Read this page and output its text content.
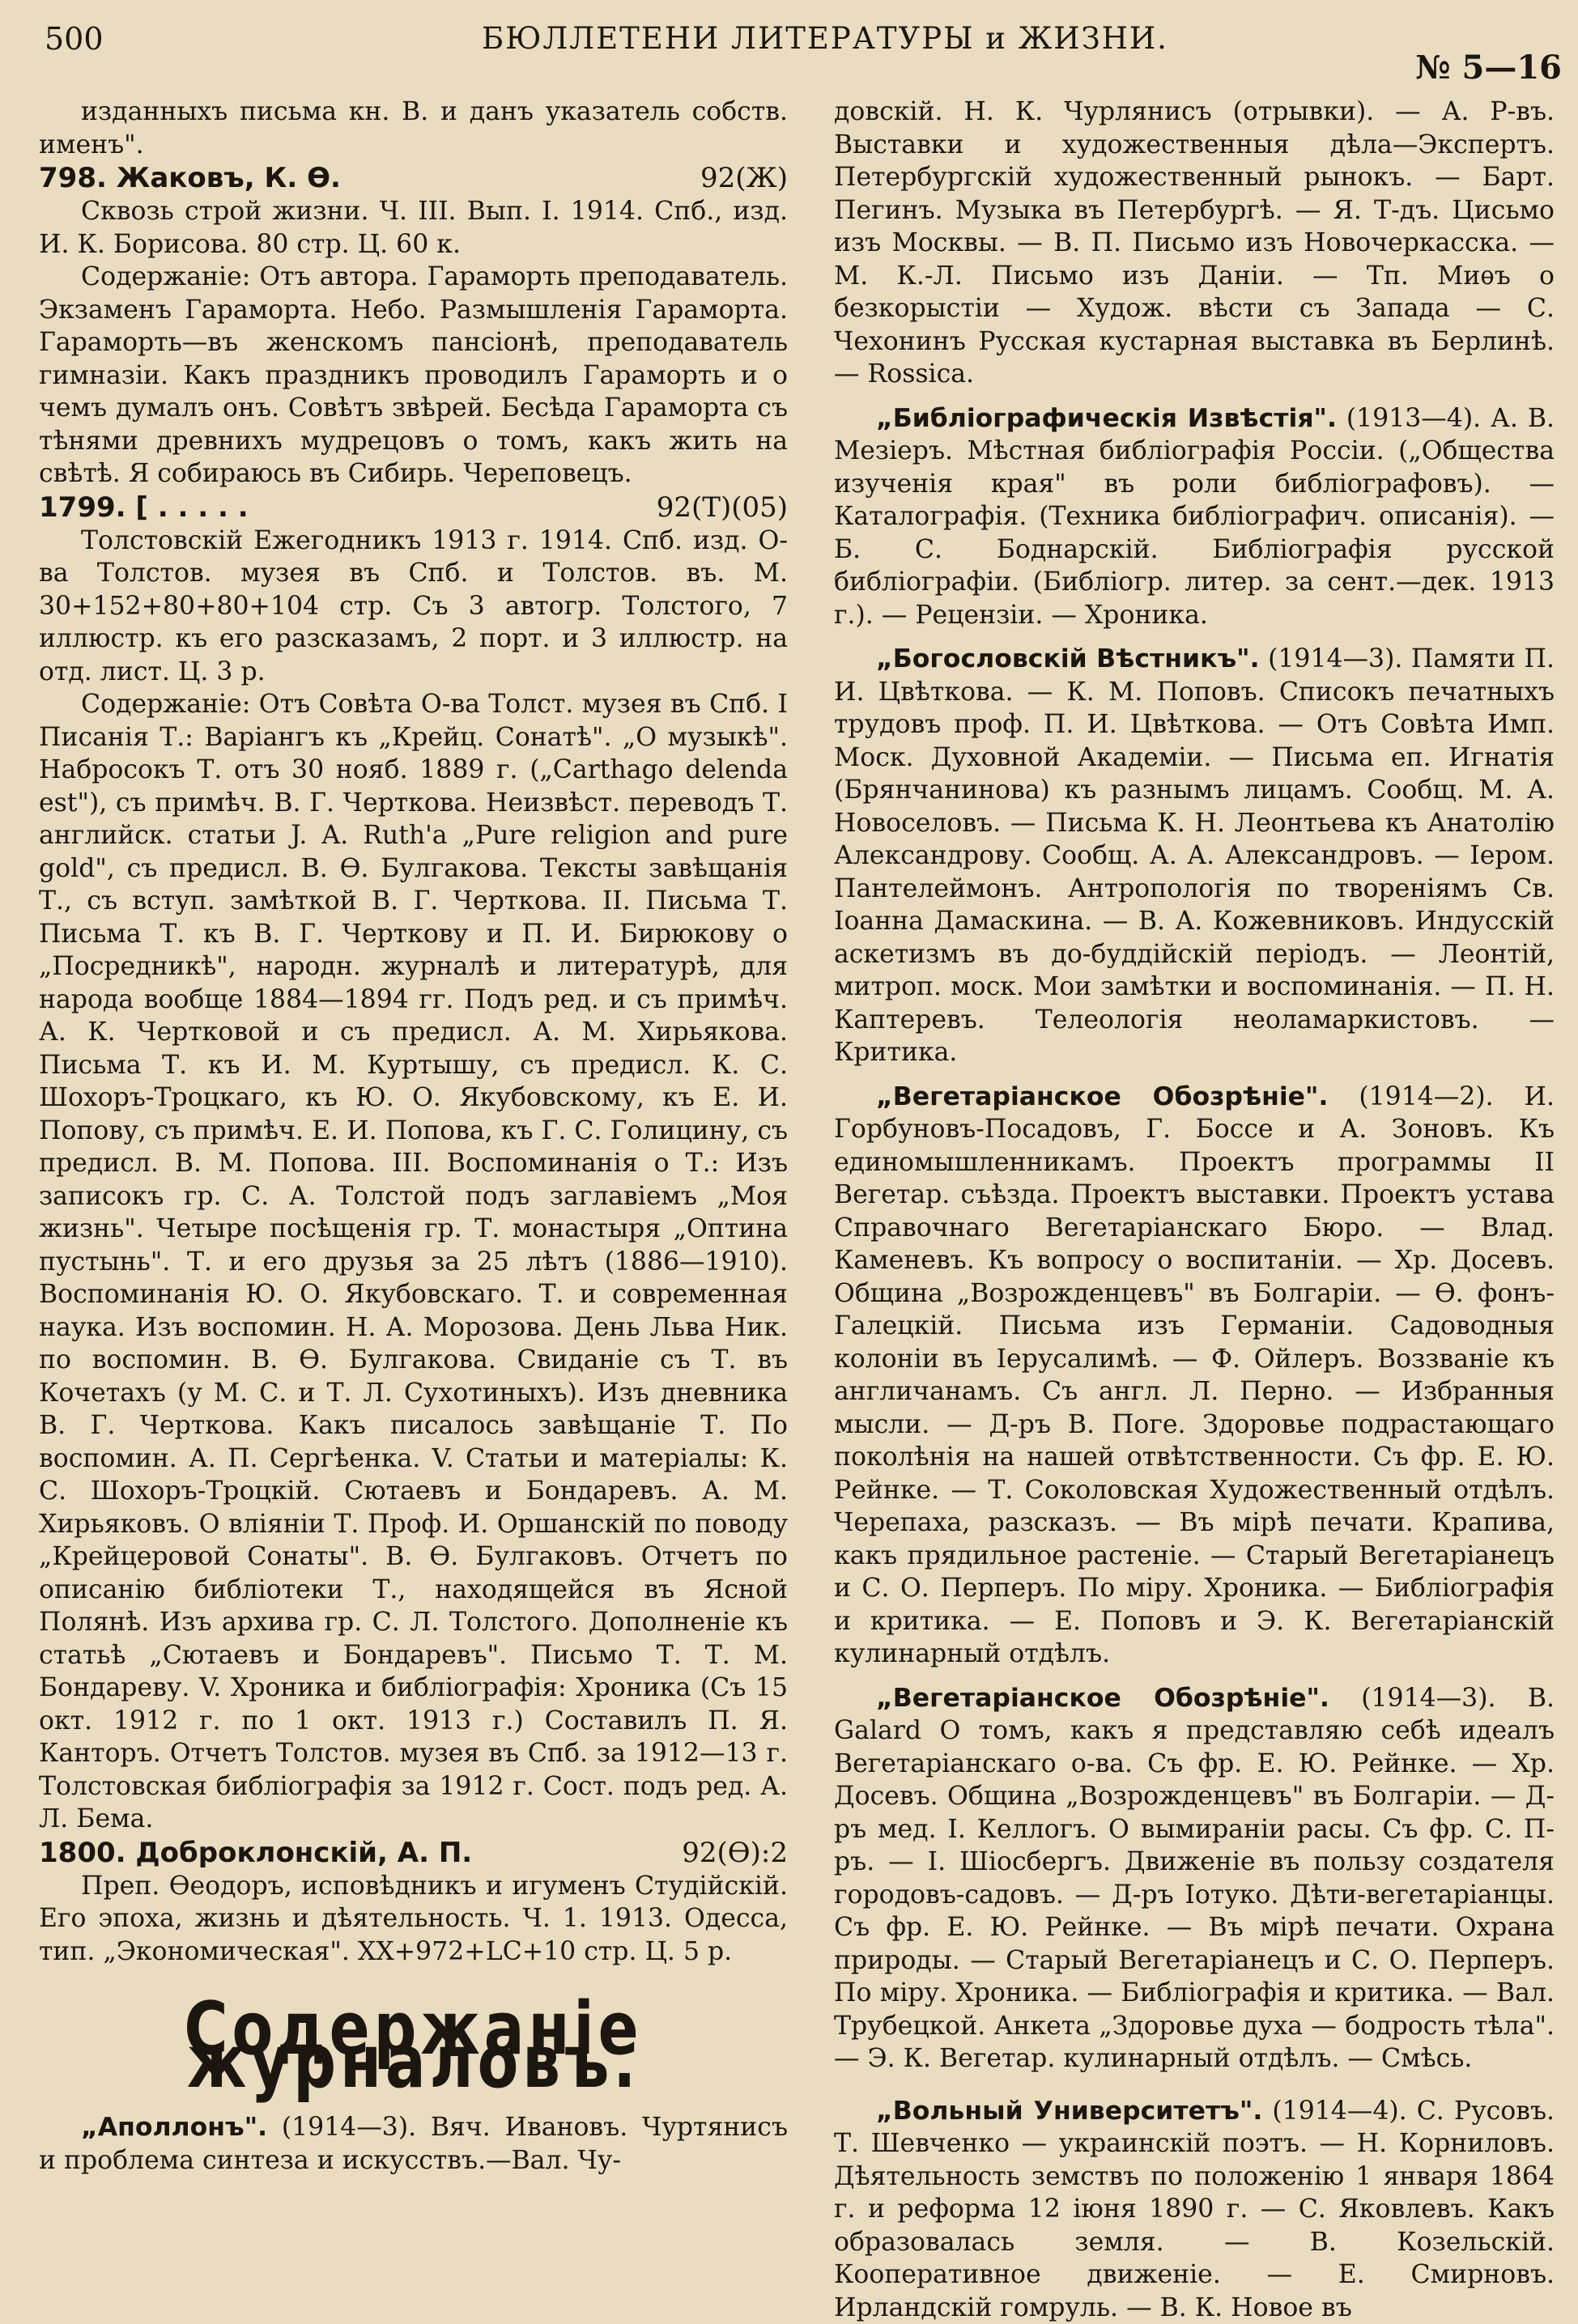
500	БЮЛЛЕТЕНИ ЛИТЕРАТУРЫ и ЖИЗНИ.
№ 5—16

изданныхъ письма кн. В. и данъ указатель собств. именъ".

798. Жаковъ, К. Ѳ.	92(Ж)

Сквозь строй жизни. Ч. III. Вып. I. 1914. Спб., изд. И. К. Борисова. 80 стр. Ц. 60 к.

Содержанiе: Отъ автора. Гараморть преподаватель. Экзаменъ Гараморта. Небо. Размышленiя Гараморта. Гараморть—въ женскомъ пансiонѣ, преподаватель гимназiи. Какъ праздникъ проводилъ Гараморть и о чемъ думалъ онъ. Совѣтъ звѣрей. Бесѣда Гараморта съ тѣнями древнихъ мудрецовъ о томъ, какъ жить на свѣтѣ. Я собираюсь въ Сибирь. Череповецъ.

1799. [ . . . . .	92(Т)(05)

Толстовскiй Ежегодникъ 1913 г. 1914. Спб. изд. О-ва Толстов. музея въ Спб. и Толстов. въ. М. 30+152+80+80+104 стр. Съ 3 автогр. Толстого, 7 иллюстр. къ его разсказамъ, 2 порт. и 3 иллюстр. на отд. лист. Ц. 3 р.

Содержанiе: Отъ Совѣта О-ва Толст. музея въ Спб. I Писанiя Т.: Варiангъ къ „Крейц. Сонатѣ". „О музыкѣ". Набросокъ Т. отъ 30 нояб. 1889 г. („Carthago delenda est"), съ примѣч. В. Г. Черткова. Неизвѣст. переводъ Т. английск. статьи J. A. Ruth'a „Pure religion and pure gold", съ предисл. В. Ѳ. Булгакова. Тексты завѣщанiя Т., съ вступ. замѣткой В. Г. Черткова. II. Письма Т. Письма Т. къ В. Г. Черткову и П. И. Бирюкову о „Посредникѣ", народн. журналѣ и литературѣ, для народа вообще 1884—1894 гг. Подъ ред. и съ примѣч. А. К. Чертковой и съ предисл. А. М. Хирьякова. Письма Т. къ И. М. Куртышу, съ предисл. К. С. Шохоръ-Троцкаго, къ Ю. О. Якубовскому, къ Е. И. Попову, съ примѣч. Е. И. Попова, къ Г. С. Голицину, съ предисл. В. М. Попова. III. Воспоминанiя о Т.: Изъ записокъ гр. С. А. Толстой подъ заглавiемъ „Моя жизнь". Четыре посѣщенiя гр. Т. монастыря „Оптина пустынь". Т. и его друзья за 25 лѣтъ (1886—1910). Воспоминанiя Ю. О. Якубовскаго. Т. и современная наука. Изъ воспомин. Н. А. Морозова. День Льва Ник. по воспомин. В. Ѳ. Булгакова. Свиданiе съ Т. въ Кочетахъ (у М. С. и Т. Л. Сухотиныхъ). Изъ дневника В. Г. Черткова. Какъ писалось завѣщанiе Т. По воспомин. А. П. Сергѣенка. V. Статьи и матерiалы: К. С. Шохоръ-Троцкiй. Сютаевъ и Бондаревъ. А. М. Хирьяковъ. О влiянiи Т. Проф. И. Оршанскiй по поводу „Крейцеровой Сонаты". В. Ѳ. Булгаковъ. Отчетъ по описанiю библiотеки Т., находящейся въ Ясной Полянѣ. Изъ архива гр. С. Л. Толстого. Дополненiе къ статьѣ „Сютаевъ и Бондаревъ". Письмо Т. Т. М. Бондареву. V. Хроника и библiографiя: Хроника (Съ 15 окт. 1912 г. по 1 окт. 1913 г.) Составилъ П. Я. Канторъ. Отчетъ Толстов. музея въ Спб. за 1912—13 г. Толстовская библiографiя за 1912 г. Сост. подъ ред. А. Л. Бема.

1800. Доброклонскiй, А. П.	92(Ѳ):2

Преп. Ѳеодоръ, исповѣдникъ и игуменъ Студiйскiй. Его эпоха, жизнь и дѣятельность. Ч. 1. 1913. Одесса, тип. „Экономическая". XX+972+LC+10 стр. Ц. 5 р.

Содержанiе журналовъ.

„Аполлонъ". (1914—3). Вяч. Ивановъ. Чуртянисъ и проблема синтеза и искусствъ.—Вал. Чу-

довскiй. Н. К. Чурлянисъ (отрывки). — А. Р-въ. Выставки и художественныя дѣла—Экспертъ. Петербургскiй художественный рынокъ. — Барт. Пегинъ. Музыка въ Петербургѣ. — Я. Т-дъ. Цисьмо изъ Москвы. — В. П. Письмо изъ Новочеркасска. — М. К.-Л. Письмо изъ Данiи. — Тп. Миѳъ о безкорыстiи — Худож. вѣсти съ Запада — С. Чехонинъ Русская кустарная выставка въ Берлинѣ. — Rossica.

„Библiографическiя Извѣстiя". (1913—4). А. В. Мезiеръ. Мѣстная библiографiя Россiи. („Общества изученiя края" въ роли библiографовъ). — Каталографiя. (Техника библiографич. описанiя). — Б. С. Боднарскiй. Библiографiя русской библiографiи. (Библiогр. литер. за сент.—дек. 1913 г.). — Рецензiи. — Хроника.

„Богословскiй Вѣстникъ". (1914—3). Памяти П. И. Цвѣткова. — К. М. Поповъ. Списокъ печатныхъ трудовъ проф. П. И. Цвѣткова. — Отъ Совѣта Имп. Моск. Духовной Академiи. — Письма еп. Игнатiя (Брянчанинова) къ разнымъ лицамъ. Сообщ. М. А. Новоселовъ. — Письма К. Н. Леонтьева къ Анатолiю Александрову. Сообщ. А. А. Александровъ. — Iером. Пантелеймонъ. Антропологiя по творенiямъ Св. Iоанна Дамаскина. — В. А. Кожевниковъ. Индусскiй аскетизмъ въ до-буддiйскiй перiодъ. — Леонтiй, митроп. моск. Мои замѣтки и воспоминанiя. — П. Н. Каптеревъ. Телеологiя неоламаркистовъ. — Критика.

„Вегетарiанское Обозрѣнiе". (1914—2). И. Горбуновъ-Посадовъ, Г. Боссе и А. Зоновъ. Къ единомышленникамъ. Проектъ программы II Вегетар. съѣзда. Проектъ выставки. Проектъ устава Справочнаго Вегетарiанскаго Бюро. — Влад. Каменевъ. Къ вопросу о воспитанiи. — Хр. Досевъ. Община „Возрожденцевъ" въ Болгарiи. — Ѳ. фонъ-Галецкiй. Письма изъ Германiи. Садоводныя колонiи въ Iерусалимѣ. — Ф. Ойлеръ. Воззванiе къ англичанамъ. Съ англ. Л. Перно. — Избранныя мысли. — Д-ръ В. Поге. Здоровье подрастающаго поколѣнiя на нашей отвѣтственности. Съ фр. Е. Ю. Рейнке. — Т. Соколовская Художественный отдѣлъ. Черепаха, разсказъ. — Въ мiрѣ печати. Крапива, какъ прядильное растенiе. — Старый Вегетарiанецъ и С. О. Перперъ. По мiру. Хроника. — Библiографiя и критика. — Е. Поповъ и Э. К. Вегетарiанскiй кулинарный отдѣлъ.

„Вегетарiанское Обозрѣнiе". (1914—3). В. Galard О томъ, какъ я представляю себѣ идеалъ Вегетарiанскаго о-ва. Съ фр. Е. Ю. Рейнке. — Хр. Досевъ. Община „Возрожденцевъ" въ Болгарiи. — Д-ръ мед. I. Келлогъ. О вымиранiи расы. Съ фр. С. П-ръ. — I. Шiосбергъ. Движенiе въ пользу создателя городовъ-садовъ. — Д-ръ Iотуко. Дѣти-вегетарiанцы. Съ фр. Е. Ю. Рейнке. — Въ мiрѣ печати. Охрана природы. — Старый Вегетарiанецъ и С. О. Перперъ. По мiру. Хроника. — Библiографiя и критика. — Вал. Трубецкой. Анкета „Здоровье духа — бодрость тѣла". — Э. К. Вегетар. кулинарный отдѣлъ. — Смѣсь.

„Вольный Университетъ". (1914—4). С. Русовъ. Т. Шевченко — украинскiй поэтъ. — Н. Корниловъ. Дѣятельность земствъ по положенiю 1 января 1864 г. и реформа 12 iюня 1890 г. — С. Яковлевъ. Какъ образовалась земля. — В. Козельскiй. Кооперативное движенiе. — Е. Смирновъ. Ирландскiй гомруль. — В. К. Новое въ
